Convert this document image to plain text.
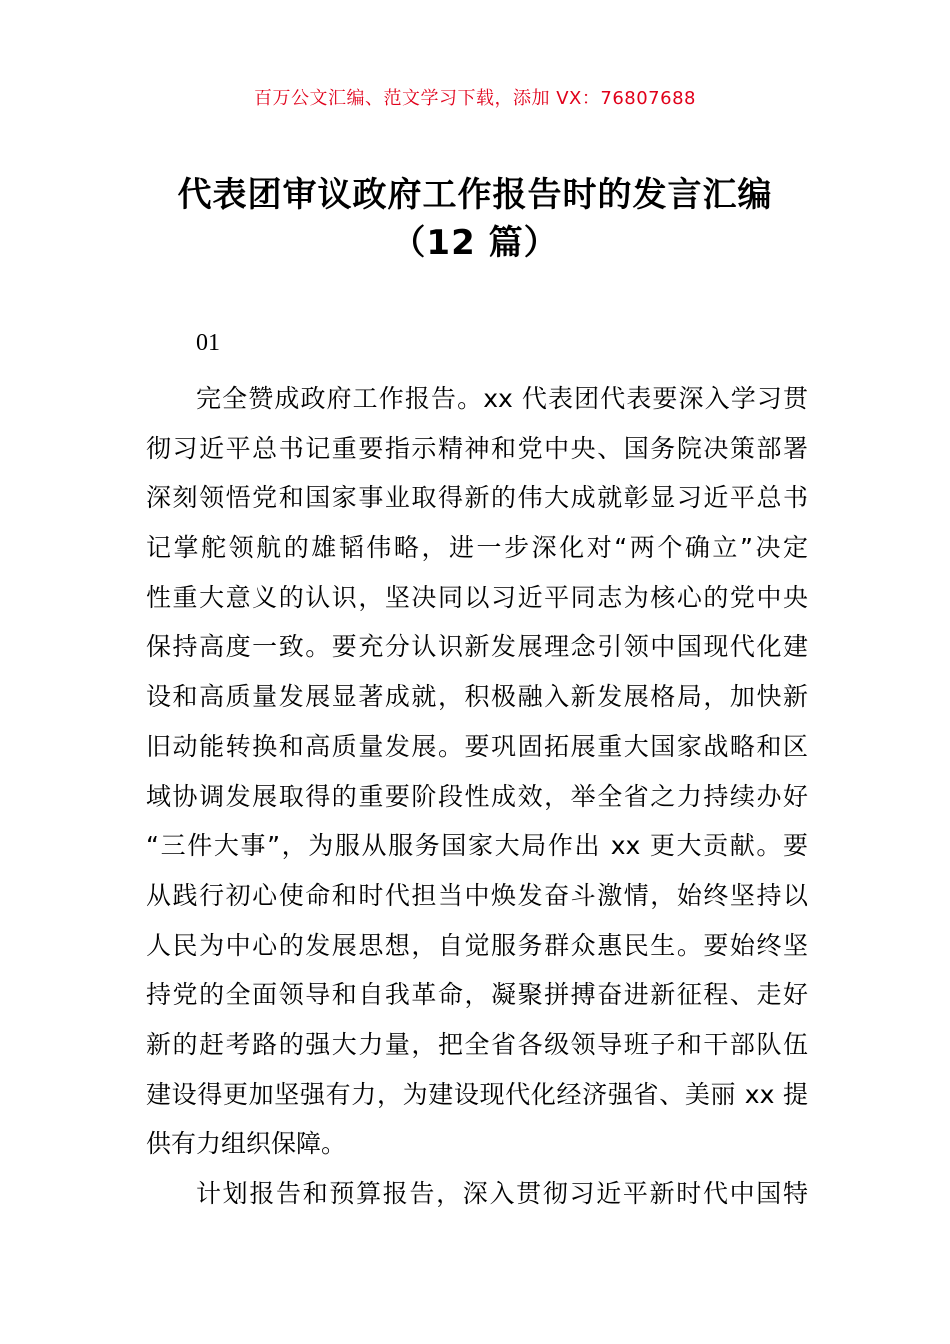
百万公文汇编、范文学习下载，添加 VX：76807688
代表团审议政府工作报告时的发言汇编
（12 篇）
01
完全赞成政府工作报告。xx 代表团代表要深入学习贯
彻习近平总书记重要指示精神和党中央、国务院决策部署
深刻领悟党和国家事业取得新的伟大成就彰显习近平总书
记掌舵领航的雄韬伟略，进一步深化对“两个确立”决定
性重大意义的认识，坚决同以习近平同志为核心的党中央
保持高度一致。要充分认识新发展理念引领中国现代化建
设和高质量发展显著成就，积极融入新发展格局，加快新
旧动能转换和高质量发展。要巩固拓展重大国家战略和区
域协调发展取得的重要阶段性成效，举全省之力持续办好
“三件大事”，为服从服务国家大局作出 xx 更大贡献。要
从践行初心使命和时代担当中焕发奋斗激情，始终坚持以
人民为中心的发展思想，自觉服务群众惠民生。要始终坚
持党的全面领导和自我革命，凝聚拼搏奋进新征程、走好
新的赶考路的强大力量，把全省各级领导班子和干部队伍
建设得更加坚强有力，为建设现代化经济强省、美丽 xx 提
供有力组织保障。
计划报告和预算报告，深入贯彻习近平新时代中国特
